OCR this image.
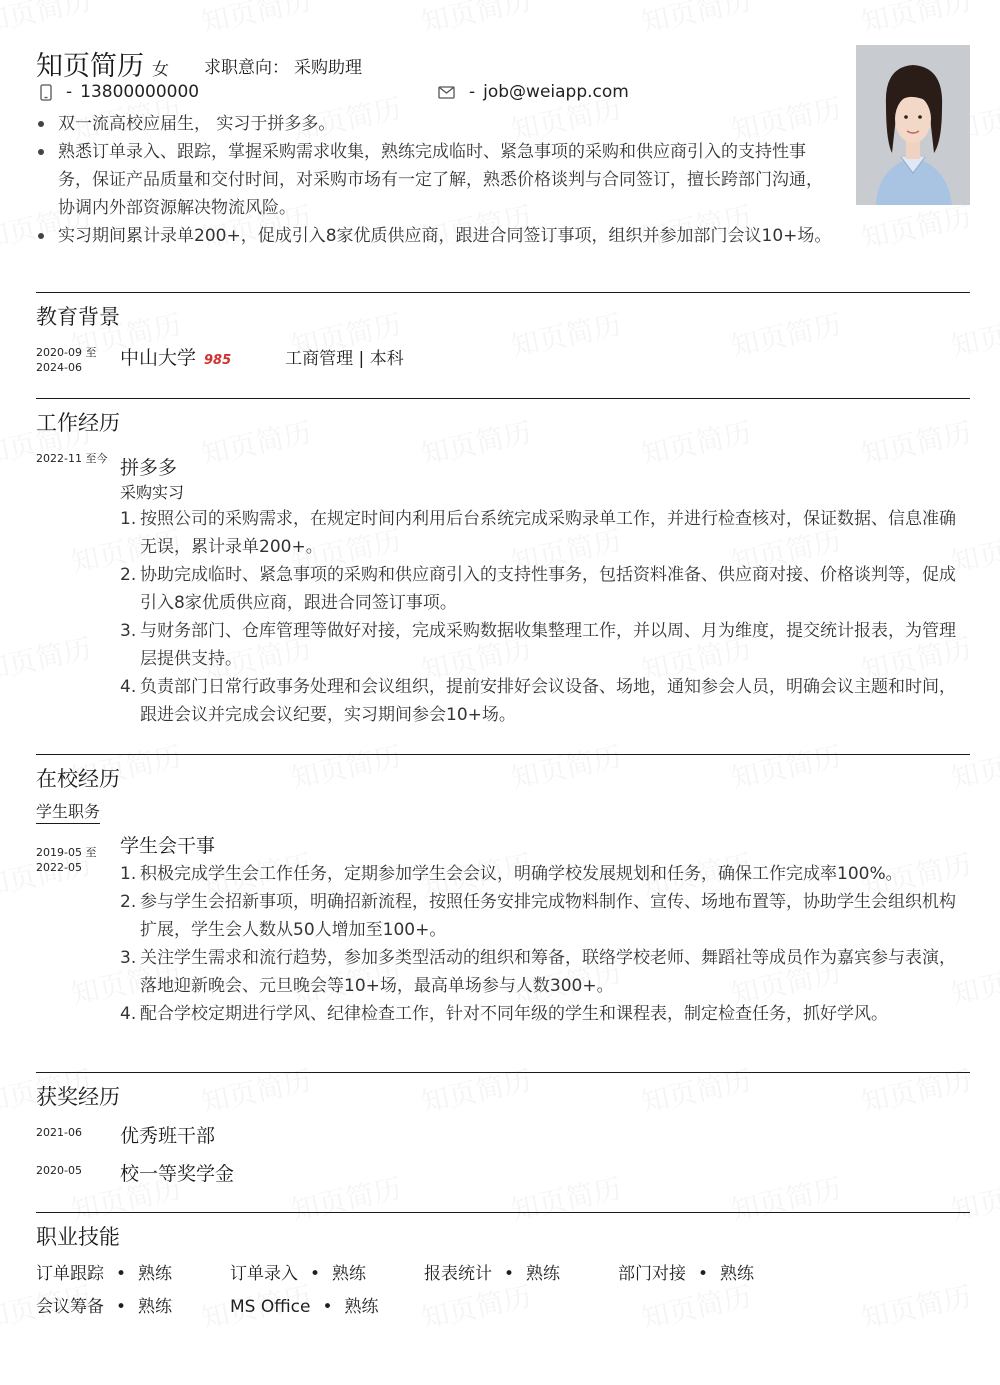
知页简历 女 求职意向： 采购助理
- 13800000000	- job@weiapp.com
双一流高校应届生， 实习于拼多多。
熟悉订单录入、跟踪，掌握采购需求收集，熟练完成临时、紧急事项的采购和供应商引入的支持性事务，保证产品质量和交付时间，对采购市场有一定了解，熟悉价格谈判与合同签订，擅长跨部门沟通，协调内外部资源解决物流风险。
实习期间累计录单200+，促成引入8家优质供应商，跟进合同签订事项，组织并参加部门会议10+场。
教育背景
2020-09 至
2024-06	中山大学 985	工商管理 | 本科
工作经历
2022-11 至今 拼多多
采购实习
1. 按照公司的采购需求，在规定时间内利用后台系统完成采购录单工作，并进行检查核对，保证数据、信息准确无误，累计录单200+。
2. 协助完成临时、紧急事项的采购和供应商引入的支持性事务，包括资料准备、供应商对接、价格谈判等，促成引入8家优质供应商，跟进合同签订事项。
3. 与财务部门、仓库管理等做好对接，完成采购数据收集整理工作，并以周、月为维度，提交统计报表，为管理层提供支持。
4. 负责部门日常行政事务处理和会议组织，提前安排好会议设备、场地，通知参会人员，明确会议主题和时间，跟进会议并完成会议纪要，实习期间参会10+场。
在校经历
学生职务
2019-05 至
2022-05
学生会干事
1. 积极完成学生会工作任务，定期参加学生会会议，明确学校发展规划和任务，确保工作完成率100%。
2. 参与学生会招新事项，明确招新流程，按照任务安排完成物料制作、宣传、场地布置等，协助学生会组织机构扩展，学生会人数从50人增加至100+。
3. 关注学生需求和流行趋势，参加多类型活动的组织和筹备，联络学校老师、舞蹈社等成员作为嘉宾参与表演，落地迎新晚会、元旦晚会等10+场，最高单场参与人数300+。
4. 配合学校定期进行学风、纪律检查工作，针对不同年级的学生和课程表，制定检查任务，抓好学风。
获奖经历
2021-06	优秀班干部
2020-05	校一等奖学金
职业技能
订单跟踪 • 熟练	订单录入 • 熟练	报表统计 • 熟练	部门对接 • 熟练
会议筹备 • 熟练	MS Office • 熟练
